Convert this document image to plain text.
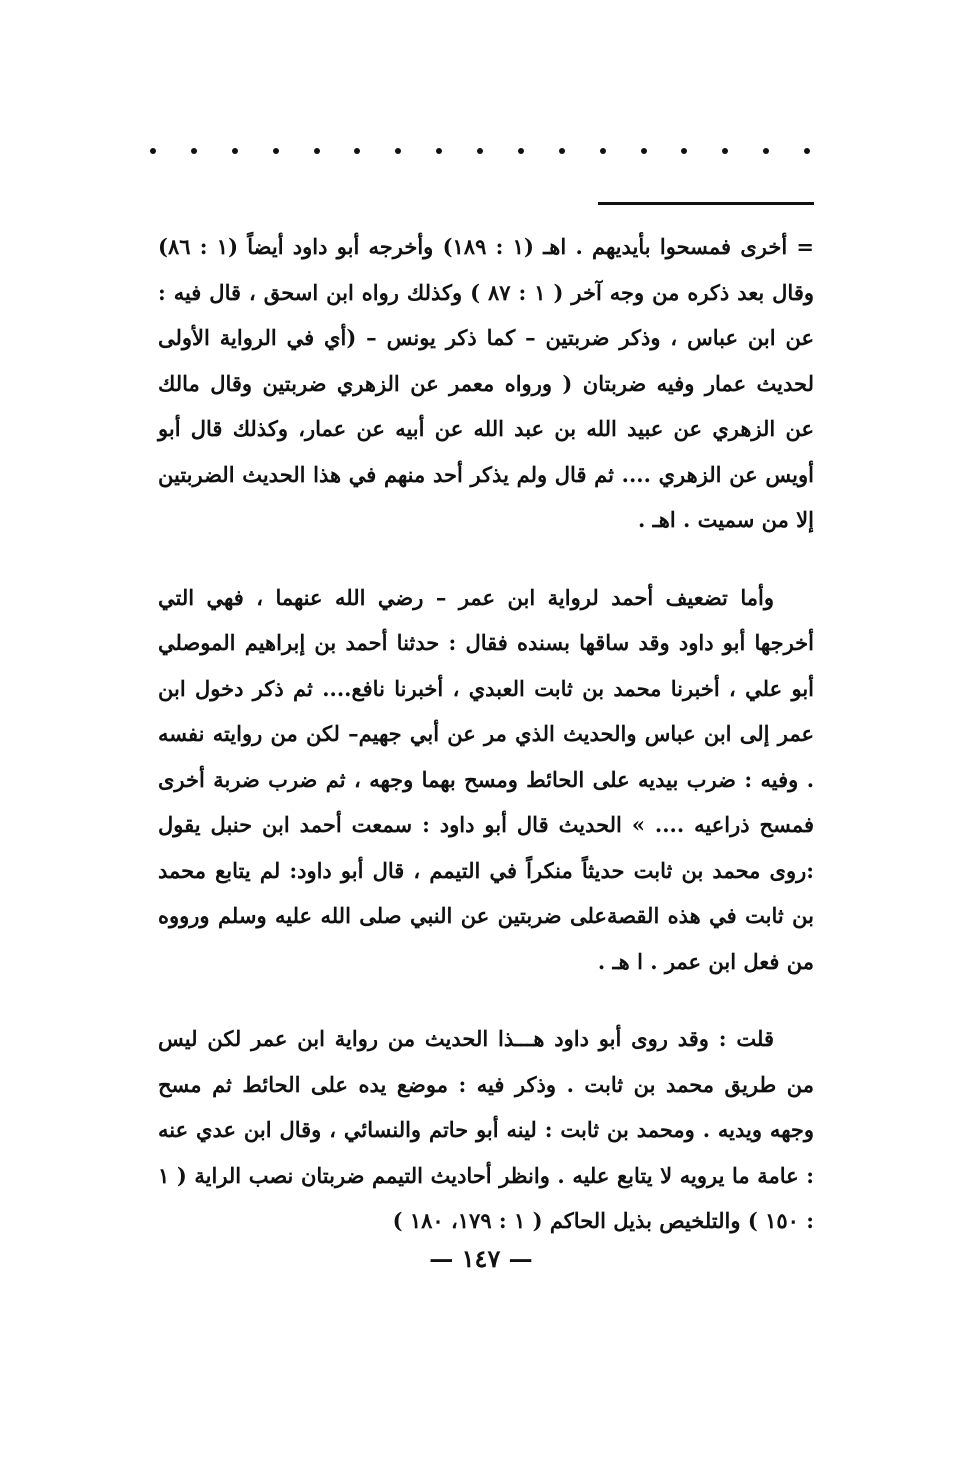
= أخرى فمسحوا بأيديهم . اهـ (١ : ١٨٩) وأخرجه أبو داود أيضاً (١ : ٨٦) وقال بعد ذكره من وجه آخر ( ١ : ٨٧ ) وكذلك رواه ابن اسحق ، قال فيه : عن ابن عباس ، وذكر ضربتين – كما ذكر يونس – (أي في الرواية الأولى لحديث عمار وفيه ضربتان ( ورواه معمر عن الزهري ضربتين وقال مالك عن الزهري عن عبيد الله بن عبد الله عن أبيه عن عمار، وكذلك قال أبو أويس عن الزهري .... ثم قال ولم يذكر أحد منهم في هذا الحديث الضربتين إلا من سميت . اهـ .

وأما تضعيف أحمد لرواية ابن عمر – رضي الله عنهما ، فهي التي أخرجها أبو داود وقد ساقها بسنده فقال : حدثنا أحمد بن إبراهيم الموصلي أبو علي ، أخبرنا محمد بن ثابت العبدي ، أخبرنا نافع.... ثم ذكر دخول ابن عمر إلى ابن عباس والحديث الذي مر عن أبي جهيم– لكن من روايته نفسه . وفيه : ضرب بيديه على الحائط ومسح بهما وجهه ، ثم ضرب ضربة أخرى فمسح ذراعيه .... » الحديث قال أبو داود : سمعت أحمد ابن حنبل يقول :روى محمد بن ثابت حديثاً منكراً في التيمم ، قال أبو داود: لم يتابع محمد بن ثابت في هذه القصةعلى ضربتين عن النبي صلى الله عليه وسلم ورووه من فعل ابن عمر . ا هـ .

قلت : وقد روى أبو داود هـــذا الحديث من رواية ابن عمر لكن ليس من طريق محمد بن ثابت . وذكر فيه : موضع يده على الحائط ثم مسح وجهه ويديه . ومحمد بن ثابت : لينه أبو حاتم والنسائي ، وقال ابن عدي عنه : عامة ما يرويه لا يتابع عليه . وانظر أحاديث التيمم ضربتان نصب الراية ( ١ : ١٥٠ ) والتلخيص بذيل الحاكم ( ١ : ١٧٩، ١٨٠ )

— ١٤٧ —
